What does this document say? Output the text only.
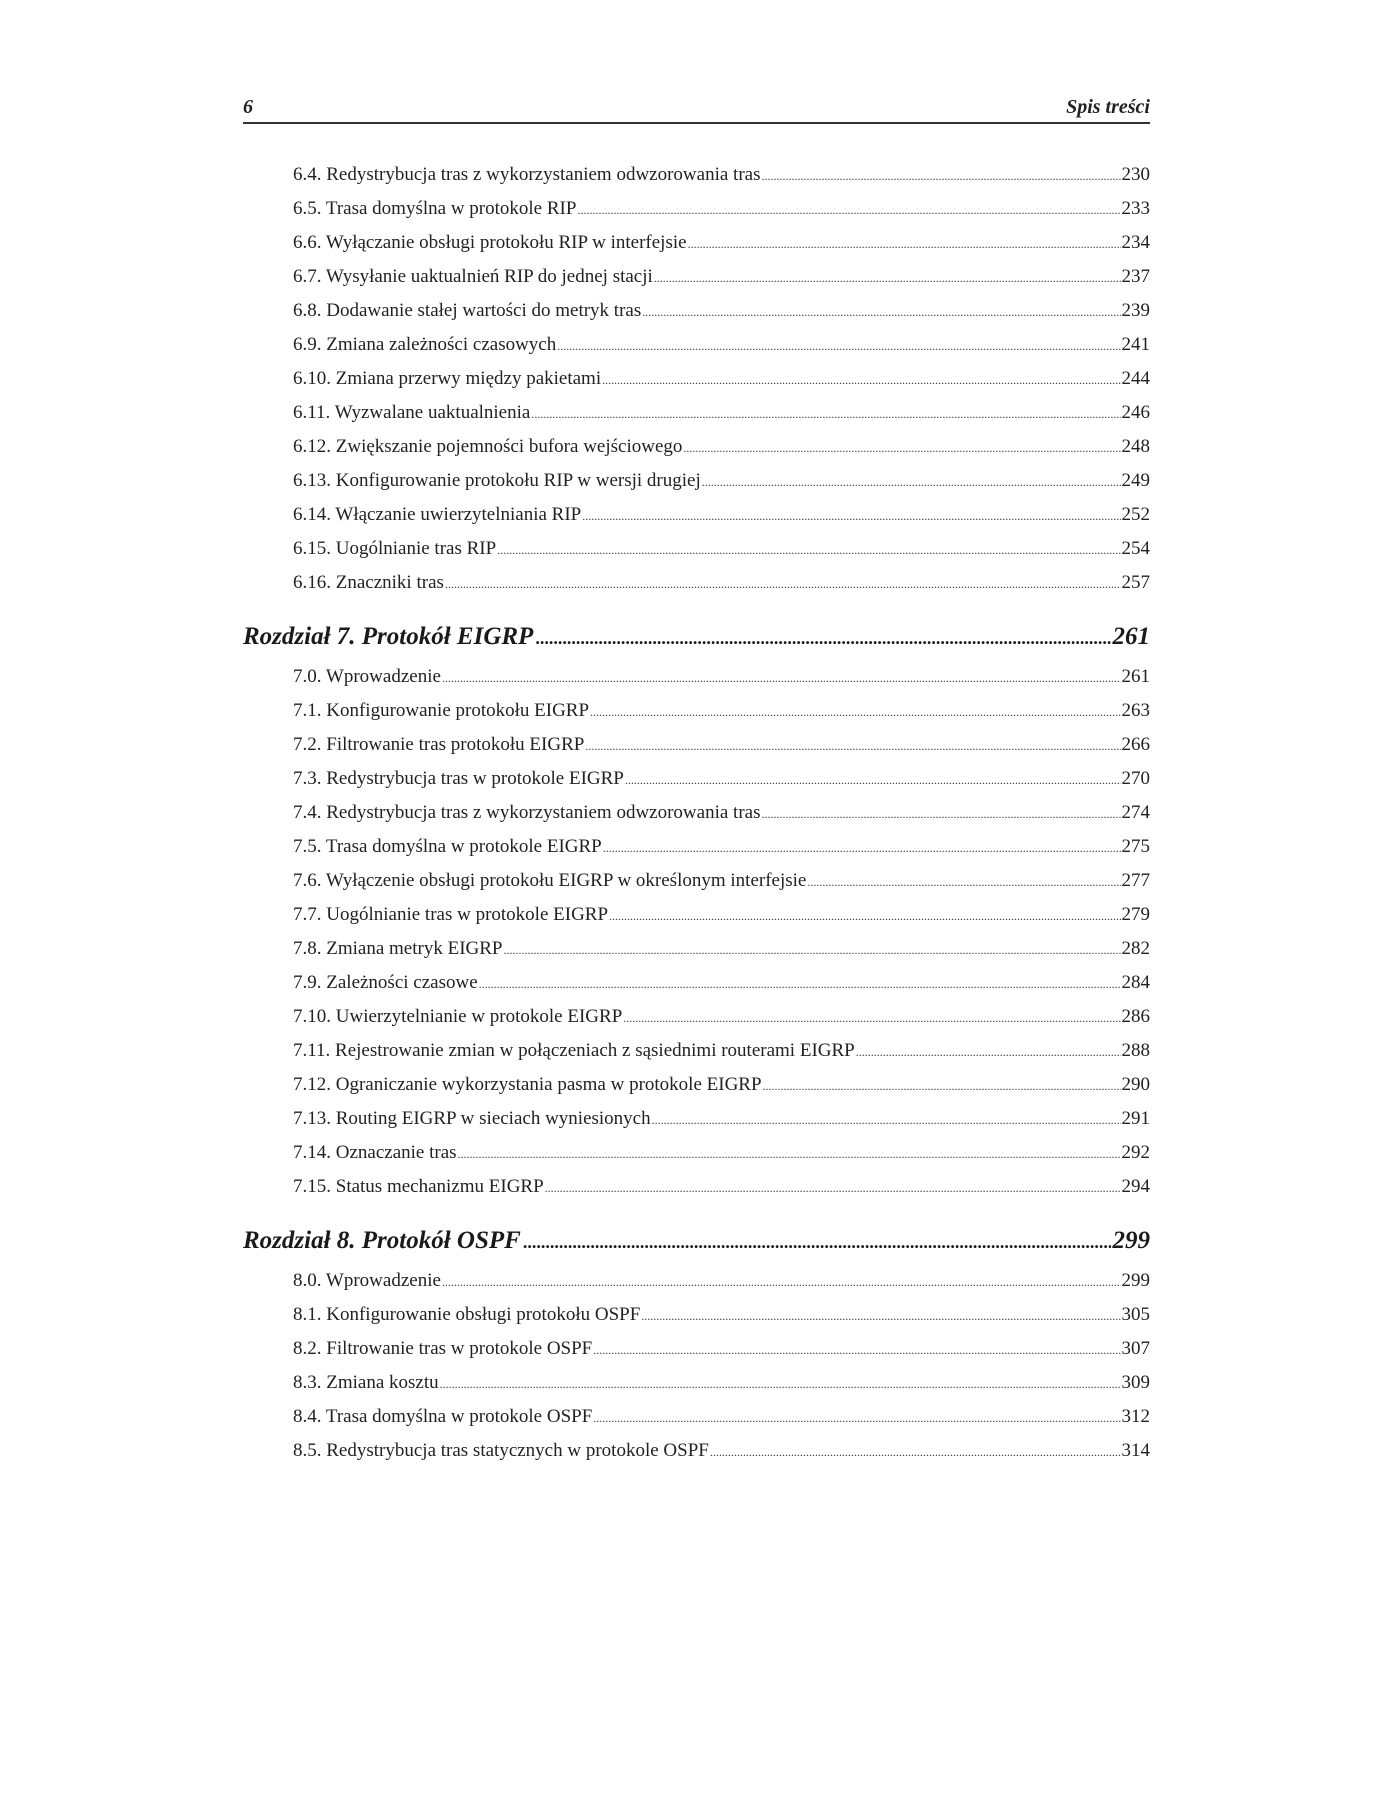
6	Spis treści
6.4. Redystrybucja tras z wykorzystaniem odwzorowania tras .....	230
6.5. Trasa domyślna w protokole RIP .....	233
6.6. Wyłączanie obsługi protokołu RIP w interfejsie .....	234
6.7. Wysyłanie uaktualnień RIP do jednej stacji .....	237
6.8. Dodawanie stałej wartości do metryk tras .....	239
6.9. Zmiana zależności czasowych .....	241
6.10. Zmiana przerwy między pakietami .....	244
6.11. Wyzwalane uaktualnienia .....	246
6.12. Zwiększanie pojemności bufora wejściowego .....	248
6.13. Konfigurowanie protokołu RIP w wersji drugiej .....	249
6.14. Włączanie uwierzytelniania RIP .....	252
6.15. Uogólnianie tras RIP .....	254
6.16. Znaczniki tras .....	257
Rozdział 7. Protokół EIGRP .....	261
7.0. Wprowadzenie .....	261
7.1. Konfigurowanie protokołu EIGRP .....	263
7.2. Filtrowanie tras protokołu EIGRP .....	266
7.3. Redystrybucja tras w protokole EIGRP .....	270
7.4. Redystrybucja tras z wykorzystaniem odwzorowania tras .....	274
7.5. Trasa domyślna w protokole EIGRP .....	275
7.6. Wyłączenie obsługi protokołu EIGRP w określonym interfejsie .....	277
7.7. Uogólnianie tras w protokole EIGRP .....	279
7.8. Zmiana metryk EIGRP .....	282
7.9. Zależności czasowe .....	284
7.10. Uwierzytelnianie w protokole EIGRP .....	286
7.11. Rejestrowanie zmian w połączeniach z sąsiednimi routerami EIGRP .....	288
7.12. Ograniczanie wykorzystania pasma w protokole EIGRP .....	290
7.13. Routing EIGRP w sieciach wyniesionych .....	291
7.14. Oznaczanie tras .....	292
7.15. Status mechanizmu EIGRP .....	294
Rozdział 8. Protokół OSPF .....	299
8.0. Wprowadzenie .....	299
8.1. Konfigurowanie obsługi protokołu OSPF .....	305
8.2. Filtrowanie tras w protokole OSPF .....	307
8.3. Zmiana kosztu .....	309
8.4. Trasa domyślna w protokole OSPF .....	312
8.5. Redystrybucja tras statycznych w protokole OSPF .....	314
